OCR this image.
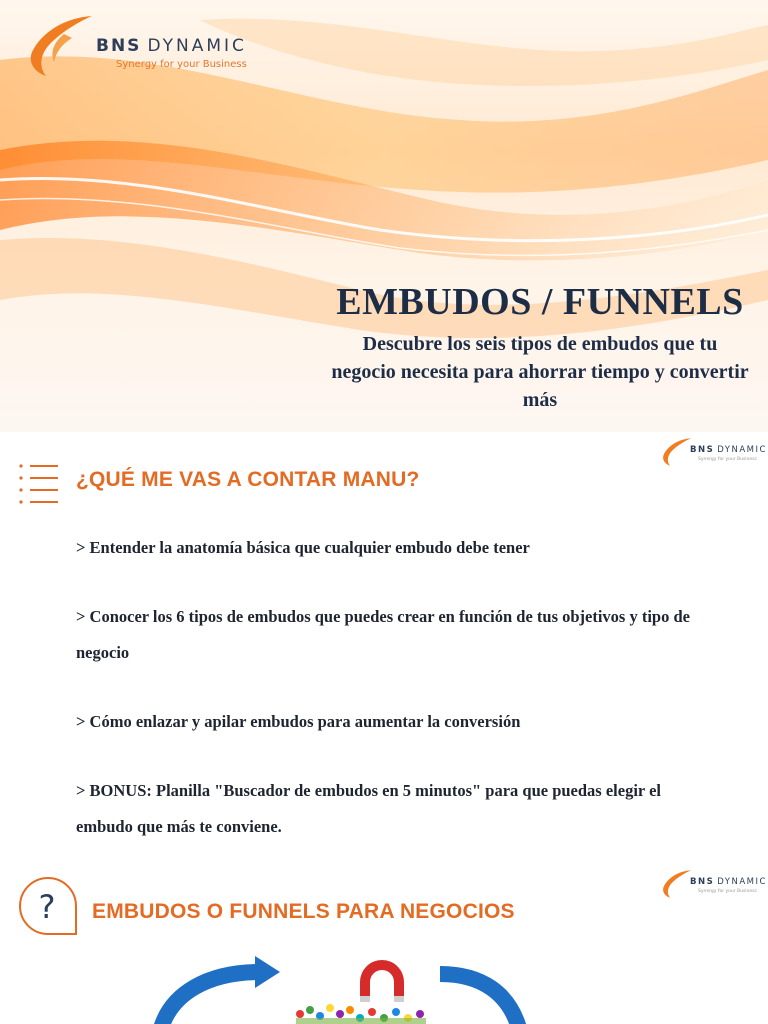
BNS DYNAMIC
Synergy for your Business
EMBUDOS / FUNNELS

Descubre los seis tipos de embudos que tu negocio necesita para ahorrar tiempo y convertir más

¿QUÉ ME VAS A CONTAR MANU?
BNS DYNAMIC
Synergy for your Business

> Entender la anatomía básica que cualquier embudo debe tener

> Conocer los 6 tipos de embudos que puedes crear en función de tus objetivos y tipo de negocio

> Cómo enlazar y apilar embudos para aumentar la conversión

> BONUS: Planilla "Buscador de embudos en 5 minutos" para que puedas elegir el embudo que más te conviene.

? EMBUDOS O FUNNELS PARA NEGOCIOS
BNS DYNAMIC
Synergy for your Business
